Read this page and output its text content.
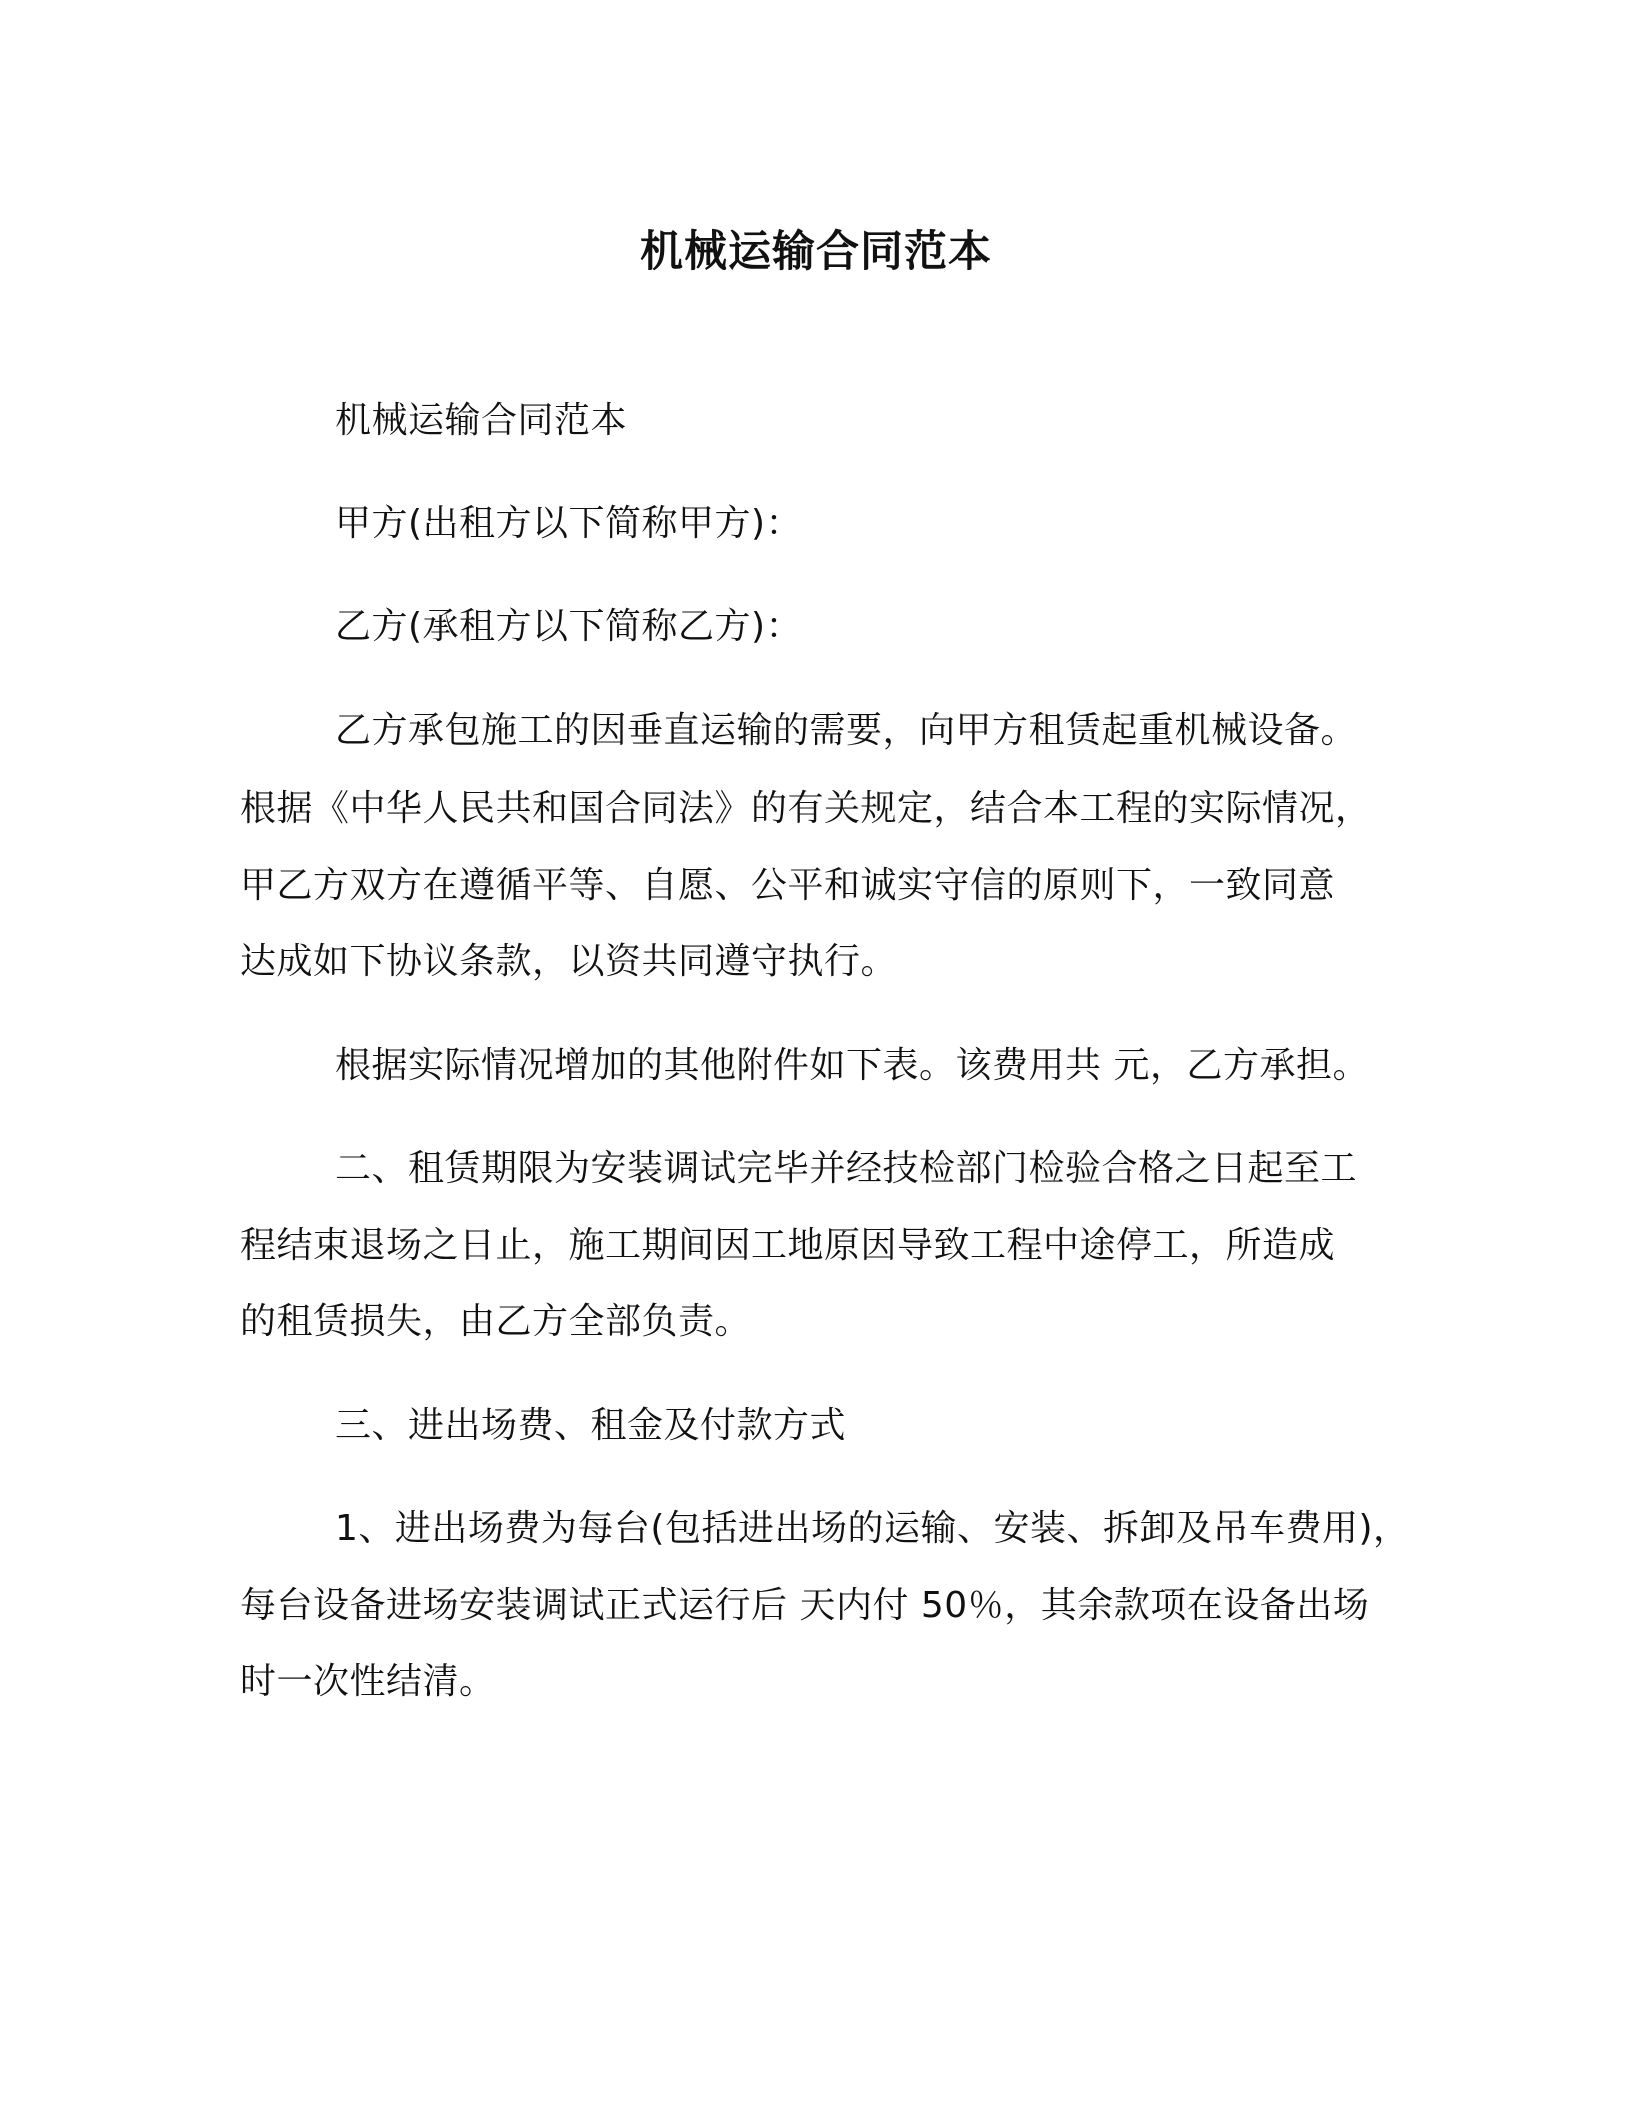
机械运输合同范本
机械运输合同范本
甲方(出租方以下简称甲方)：
乙方(承租方以下简称乙方)：
乙方承包施工的因垂直运输的需要，向甲方租赁起重机械设备。
根据《中华人民共和国合同法》的有关规定，结合本工程的实际情况，
甲乙方双方在遵循平等、自愿、公平和诚实守信的原则下，一致同意
达成如下协议条款，以资共同遵守执行。
根据实际情况增加的其他附件如下表。该费用共 元，乙方承担。
二、租赁期限为安装调试完毕并经技检部门检验合格之日起至工
程结束退场之日止，施工期间因工地原因导致工程中途停工，所造成
的租赁损失，由乙方全部负责。
三、进出场费、租金及付款方式
1、进出场费为每台(包括进出场的运输、安装、拆卸及吊车费用)，
每台设备进场安装调试正式运行后 天内付 50％，其余款项在设备出场
时一次性结清。
